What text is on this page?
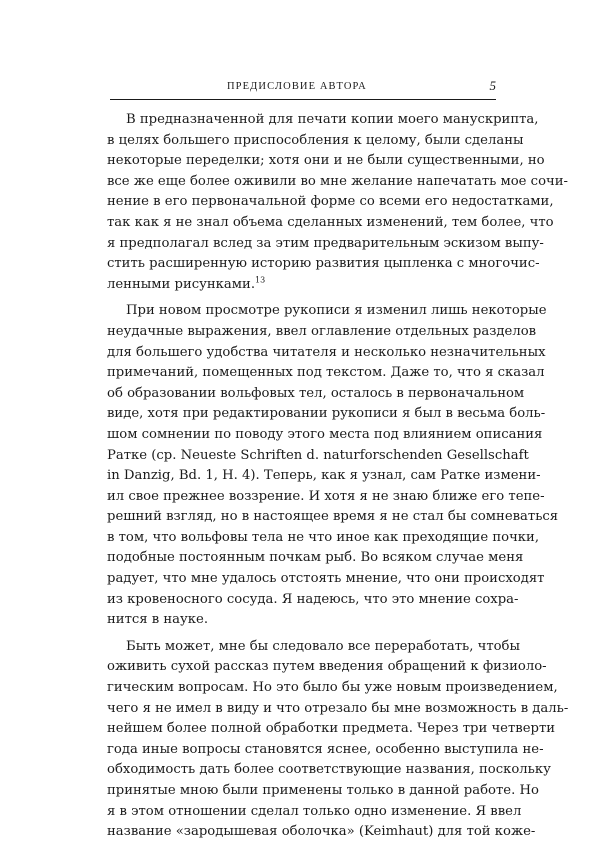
ПРЕДИСЛОВИЕ АВТОРА	5
В предназначенной для печати копии моего манускрипта,
в целях большего приспособления к целому, были сделаны
некоторые переделки; хотя они и не были существенными, но
все же еще более оживили во мне желание напечатать мое сочи-
нение в его первоначальной форме со всеми его недостатками,
так как я не знал объема сделанных изменений, тем более, что
я предполагал вслед за этим предварительным эскизом выпу-
стить расширенную историю развития цыпленка с многочис-
ленными рисунками.$^{13}$
При новом просмотре рукописи я изменил лишь некоторые
неудачные выражения, ввел оглавление отдельных разделов
для большего удобства читателя и несколько незначительных
примечаний, помещенных под текстом. Даже то, что я сказал
об образовании вольфовых тел, осталось в первоначальном
виде, хотя при редактировании рукописи я был в весьма боль-
шом сомнении по поводу этого места под влиянием описания
Ратке (ср. Neueste Schriften d. naturforschenden Gesellschaft
in Danzig, Bd. 1, H. 4). Теперь, как я узнал, сам Ратке измени-
ил свое прежнее воззрение. И хотя я не знаю ближе его тепе-
решний взгляд, но в настоящее время я не стал бы сомневаться
в том, что вольфовы тела не что иное как преходящие почки,
подобные постоянным почкам рыб. Во всяком случае меня
радует, что мне удалось отстоять мнение, что они происходят
из кровеносного сосуда. Я надеюсь, что это мнение сохра-
нится в науке.
Быть может, мне бы следовало все переработать, чтобы
оживить сухой рассказ путем введения обращений к физиоло-
гическим вопросам. Но это было бы уже новым произведением,
чего я не имел в виду и что отрезало бы мне возможность в даль-
нейшем более полной обработки предмета. Через три четверти
года иные вопросы становятся яснее, особенно выступила не-
обходимость дать более соответствующие названия, поскольку
принятые мною были применены только в данной работе. Но
я в этом отношении сделал только одно изменение. Я ввел
название «зародышевая оболочка» (Keimhaut) для той коже-
